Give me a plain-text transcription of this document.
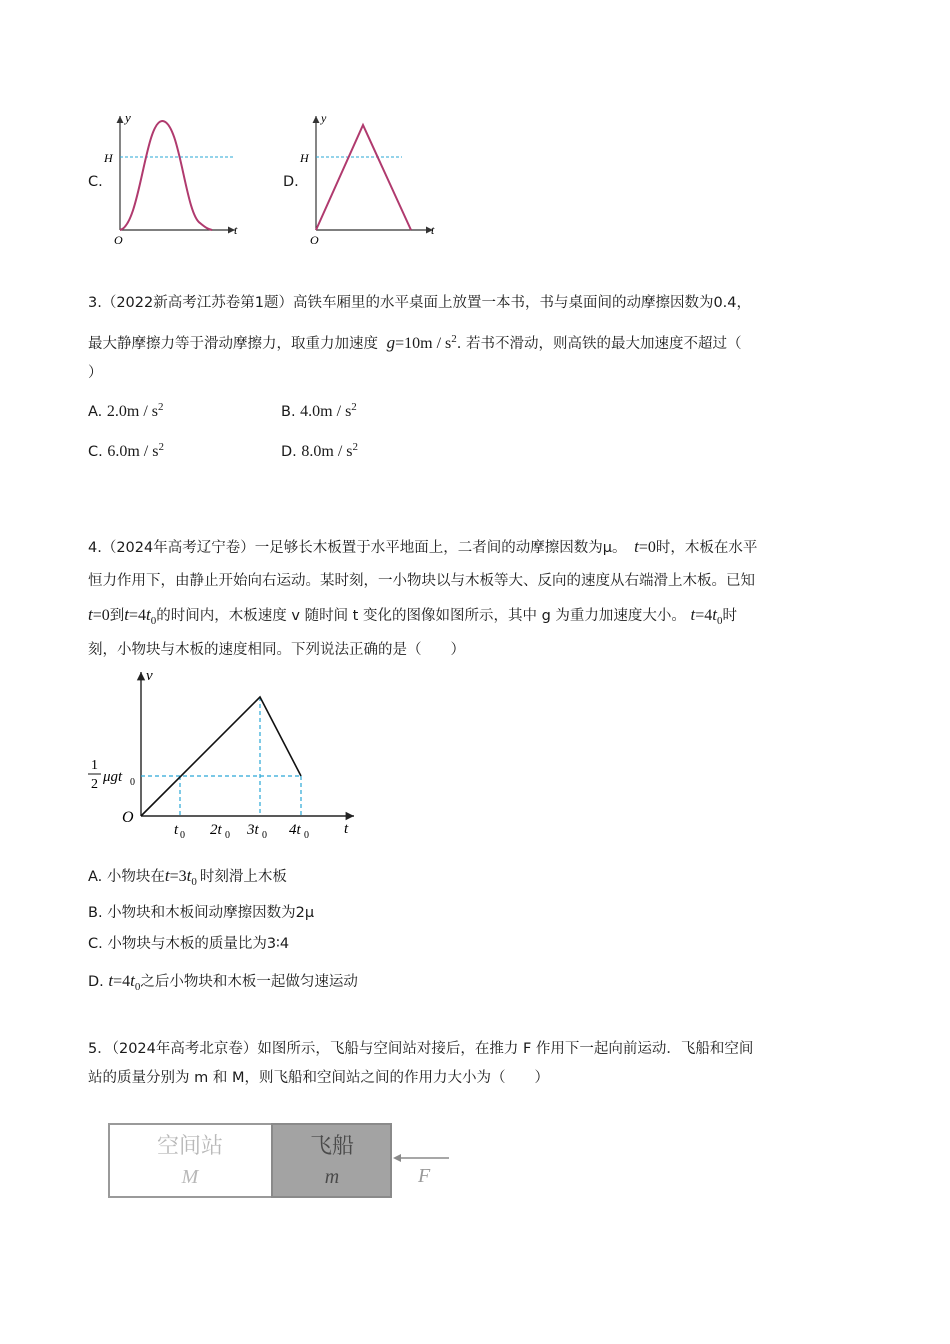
C.
y
H
t
O
D.
y
H
t
O
3.（2022新高考江苏卷第1题）高铁车厢里的水平桌面上放置一本书，书与桌面间的动摩擦因数为0.4，
最大静摩擦力等于滑动摩擦力，取重力加速度 $g=10m / s^2$. 若书不滑动，则高铁的最大加速度不超过（
）
A. $2.0m / s^2$	B. $4.0m / s^2$
C. $6.0m / s^2$	D. $8.0m / s^2$
4.（2024年高考辽宁卷）一足够长木板置于水平地面上，二者间的动摩擦因数为μ。 t=0时，木板在水平
恒力作用下，由静止开始向右运动。某时刻，一小物块以与木板等大、反向的速度从右端滑上木板。已知
t=0到$t=4t_0$的时间内，木板速度 v 随时间 t 变化的图像如图所示，其中 g 为重力加速度大小。 $t=4t_0$时
刻，小物块与木板的速度相同。下列说法正确的是（　　）
v
t
O
1
2 μgt 0
t 0 2t 0 3t 0 4t 0
A. 小物块在$t=3t_0$ 时刻滑上木板
B. 小物块和木板间动摩擦因数为2μ
C. 小物块与木板的质量比为3∶4
D. $t=4t_0$之后小物块和木板一起做匀速运动
5．（2024年高考北京卷）如图所示，飞船与空间站对接后，在推力 F 作用下一起向前运动．飞船和空间
站的质量分别为 m 和 M，则飞船和空间站之间的作用力大小为（　　）
空间站
M
飞船
m	F
